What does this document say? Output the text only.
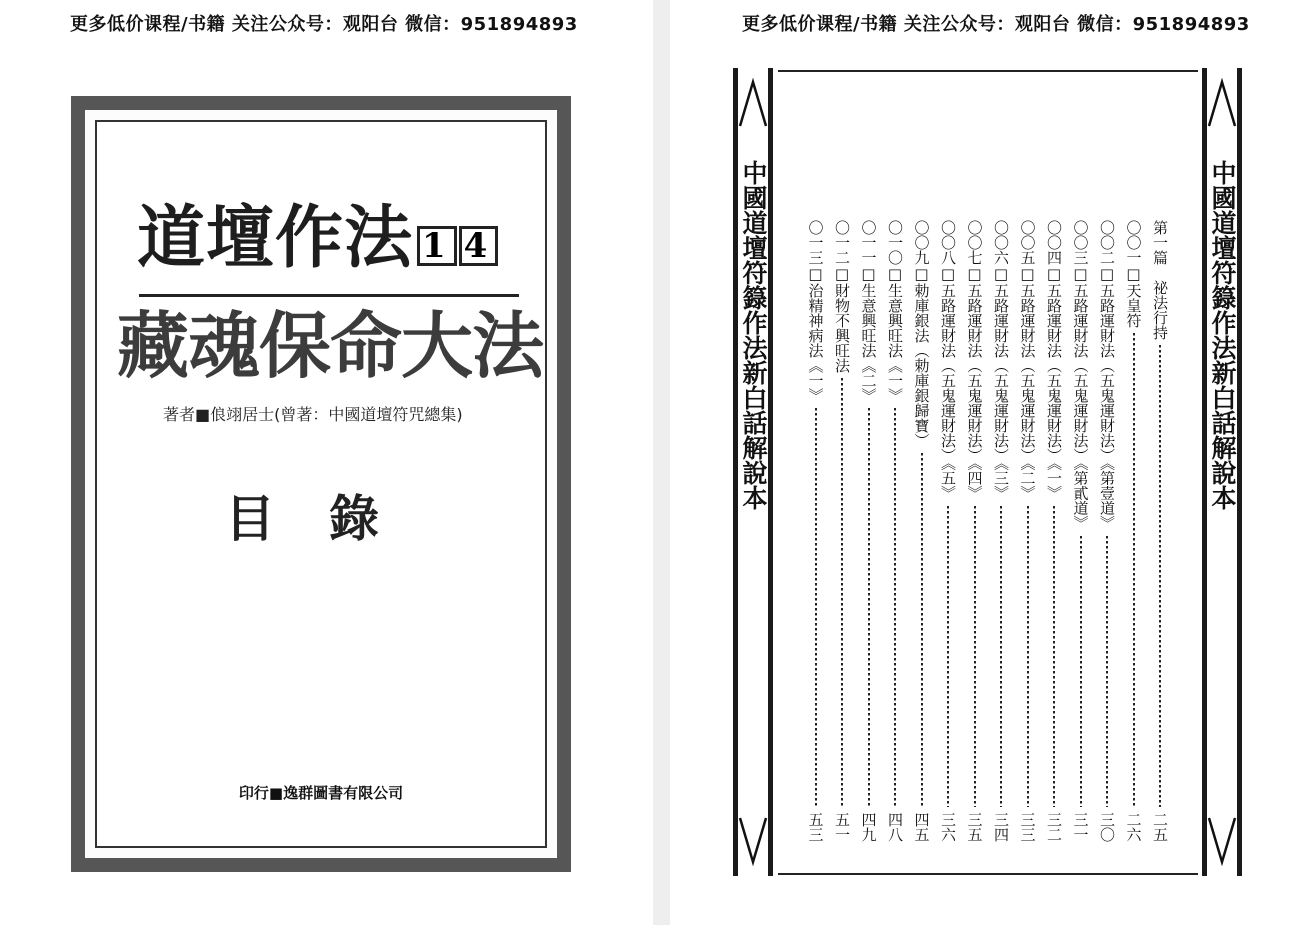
更多低价课程/书籍 关注公众号：观阳台 微信：951894893
道壇作法 1 4
藏魂保命大法
著者■俍翊居士(曾著：中國道壇符咒總集)
目錄
印行■逸群圖書有限公司
更多低价课程/书籍 关注公众号：观阳台 微信：951894893
中國道壇符籙作法新白話解說本	中國道壇符籙作法新白話解說本
第一篇　祕法行持
二五
〇〇一□天皇符
二六
〇〇二□五路運財法（五鬼運財法）《第壹道》
三〇
〇〇三□五路運財法（五鬼運財法）《第貳道》
三一
〇〇四□五路運財法（五鬼運財法）《一》
三二
〇〇五□五路運財法（五鬼運財法）《二》
三三
〇〇六□五路運財法（五鬼運財法）《三》
三四
〇〇七□五路運財法（五鬼運財法）《四》
三五
〇〇八□五路運財法（五鬼運財法）《五》
三六
〇〇九□勅庫銀法（勅庫銀歸寶）
四五
〇一〇□生意興旺法《一》
四八
〇一一□生意興旺法《二》
四九
〇一二□財物不興旺法
五一
〇一三□治精神病法《一》
五三
